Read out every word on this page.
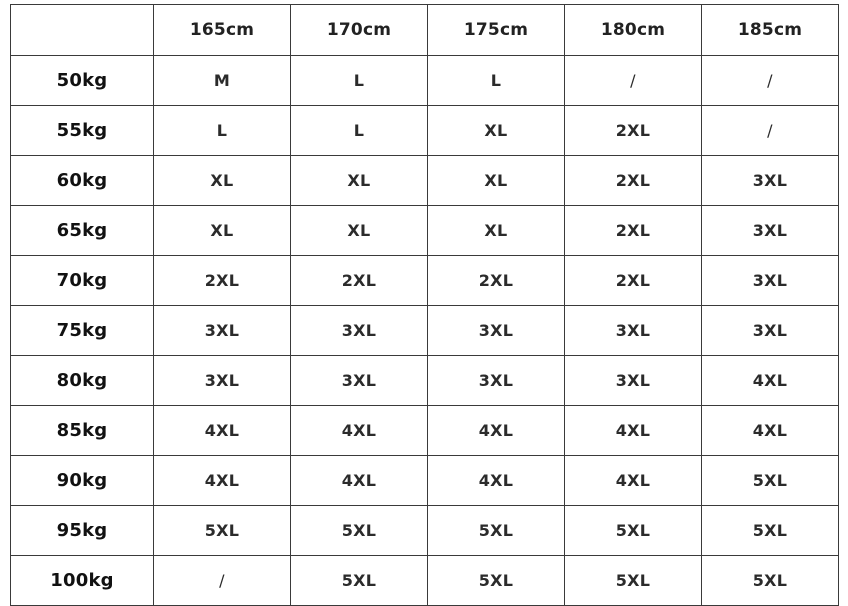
	165cm	170cm	175cm	180cm	185cm
50kg	M	L	L	/	/
55kg	L	L	XL	2XL	/
60kg	XL	XL	XL	2XL	3XL
65kg	XL	XL	XL	2XL	3XL
70kg	2XL	2XL	2XL	2XL	3XL
75kg	3XL	3XL	3XL	3XL	3XL
80kg	3XL	3XL	3XL	3XL	4XL
85kg	4XL	4XL	4XL	4XL	4XL
90kg	4XL	4XL	4XL	4XL	5XL
95kg	5XL	5XL	5XL	5XL	5XL
100kg	/	5XL	5XL	5XL	5XL
